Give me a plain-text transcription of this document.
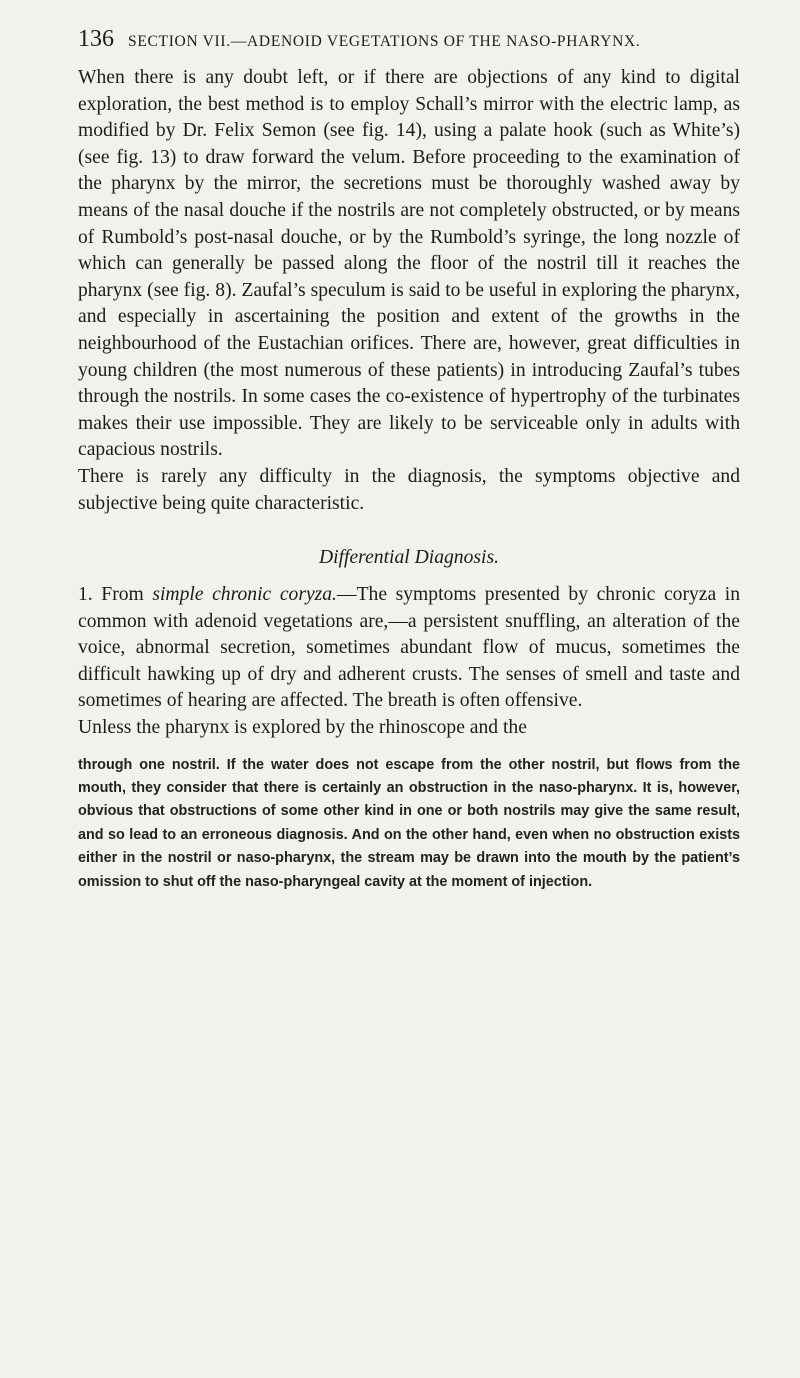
136 SECTION VII.—ADENOID VEGETATIONS OF THE NASO-PHARYNX.

When there is any doubt left, or if there are objections of any kind to digital exploration, the best method is to employ Schall’s mirror with the electric lamp, as modified by Dr. Felix Semon (see fig. 14), using a palate hook (such as White’s) (see fig. 13) to draw forward the velum. Before proceeding to the examination of the pharynx by the mirror, the secretions must be thoroughly washed away by means of the nasal douche if the nostrils are not completely obstructed, or by means of Rumbold’s post-nasal douche, or by the Rumbold’s syringe, the long nozzle of which can generally be passed along the floor of the nostril till it reaches the pharynx (see fig. 8). Zaufal’s speculum is said to be useful in exploring the pharynx, and especially in ascertaining the position and extent of the growths in the neighbourhood of the Eustachian orifices. There are, however, great difficulties in young children (the most numerous of these patients) in introducing Zaufal’s tubes through the nostrils. In some cases the co-existence of hypertrophy of the turbinates makes their use impossible. They are likely to be serviceable only in adults with capacious nostrils.

There is rarely any difficulty in the diagnosis, the symptoms objective and subjective being quite characteristic.

Differential Diagnosis.

1. From simple chronic coryza.—The symptoms presented by chronic coryza in common with adenoid vegetations are,—a persistent snuffling, an alteration of the voice, abnormal secretion, sometimes abundant flow of mucus, sometimes the difficult hawking up of dry and adherent crusts. The senses of smell and taste and sometimes of hearing are affected. The breath is often offensive.

Unless the pharynx is explored by the rhinoscope and the

through one nostril. If the water does not escape from the other nostril, but flows from the mouth, they consider that there is certainly an obstruction in the naso-pharynx. It is, however, obvious that obstructions of some other kind in one or both nostrils may give the same result, and so lead to an erroneous diagnosis. And on the other hand, even when no obstruction exists either in the nostril or naso-pharynx, the stream may be drawn into the mouth by the patient’s omission to shut off the naso-pharyngeal cavity at the moment of injection.
